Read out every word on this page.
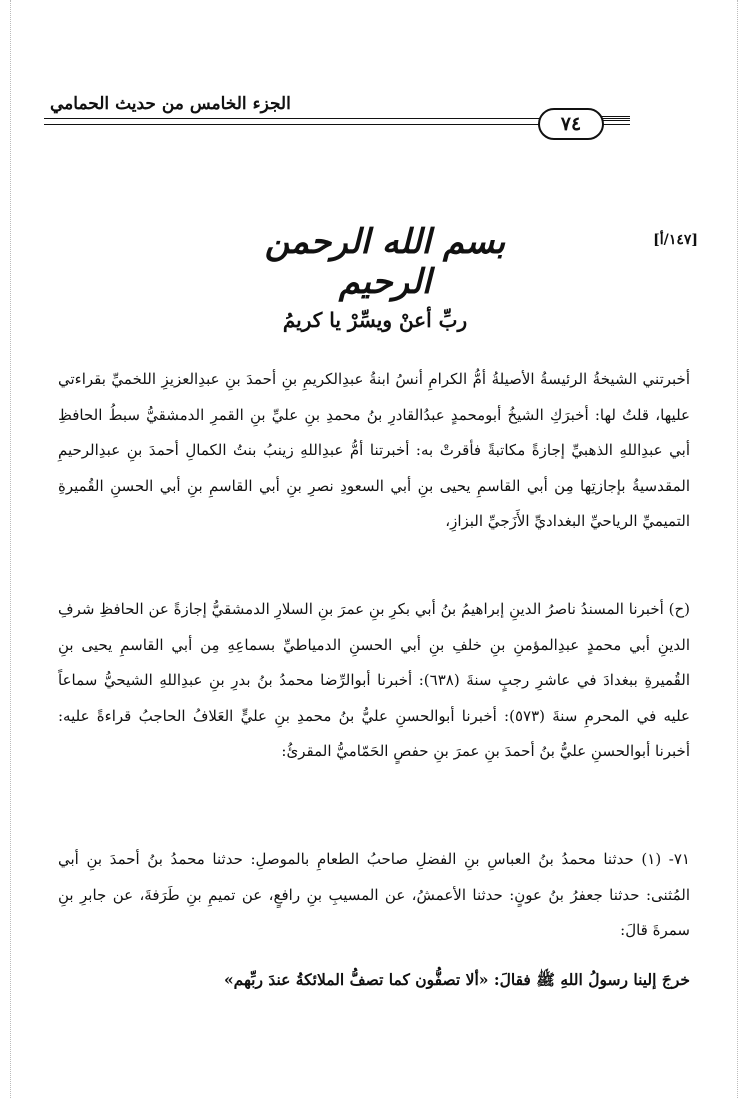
الجزء الخامس من حديث الحمامي
٧٤
[١٤٧/أ]
بسم الله الرحمن الرحيم
ربِّ أعنْ ويسِّرْ يا كريمُ

أخبرتني الشيخةُ الرئيسةُ الأصيلةُ أمُّ الكرامِ أنسُ ابنةُ عبدِالكريمِ بنِ أحمدَ بنِ عبدِالعزيزِ اللخميِّ بقراءتي عليها، قلتُ لها: أخبرَكِ الشيخُ أبومحمدٍ عبدُالقادرِ بنُ محمدِ بنِ عليِّ بنِ القمرِ الدمشقيُّ سبطُ الحافظِ أبي عبدِاللهِ الذهبيِّ إجازةً مكاتبةً فأقرتْ به: أخبرتنا أمُّ عبدِاللهِ زينبُ بنتُ الكمالِ أحمدَ بنِ عبدِالرحيمِ المقدسيةُ بإجازتِها مِن أبي القاسمِ يحيى بنِ أبي السعودِ نصرِ بنِ أبي القاسمِ بنِ أبي الحسنِ القُميرةِ التميميِّ الرياحيِّ البغداديِّ الأَزَجيِّ البزازِ،

(ح) أخبرنا المسندُ ناصرُ الدينِ إبراهيمُ بنُ أبي بكرِ بنِ عمرَ بنِ السلارِ الدمشقيُّ إجازةً عن الحافظِ شرفِ الدينِ أبي محمدٍ عبدِالمؤمنِ بنِ خلفِ بنِ أبي الحسنِ الدمياطيِّ بسماعِهِ مِن أبي القاسمِ يحيى بنِ القُميرةِ ببغدادَ في عاشرِ رجبٍ سنةَ (٦٣٨): أخبرنا أبوالرِّضا محمدُ بنُ بدرِ بنِ عبدِاللهِ الشيحيُّ سماعاً عليه في المحرمِ سنةَ (٥٧٣): أخبرنا أبوالحسنِ عليُّ بنُ محمدِ بنِ عليٍّ العَلافُ الحاجبُ قراءةً عليه: أخبرنا أبوالحسنِ عليُّ بنُ أحمدَ بنِ عمرَ بنِ حفصٍ الحَمّاميُّ المقرئُ:

٧١- (١) حدثنا محمدُ بنُ العباسِ بنِ الفضلِ صاحبُ الطعامِ بالموصلِ: حدثنا محمدُ بنُ أحمدَ بنِ أبي المُثنى: حدثنا جعفرُ بنُ عونٍ: حدثنا الأعمشُ، عن المسيبِ بنِ رافعٍ، عن تميمِ بنِ طَرَفةَ، عن جابرِ بنِ سمرةَ قالَ:

خرجَ إلينا رسولُ اللهِ ﷺ فقالَ: «ألا تصفُّون كما تصفُّ الملائكةُ عندَ ربِّهم»
